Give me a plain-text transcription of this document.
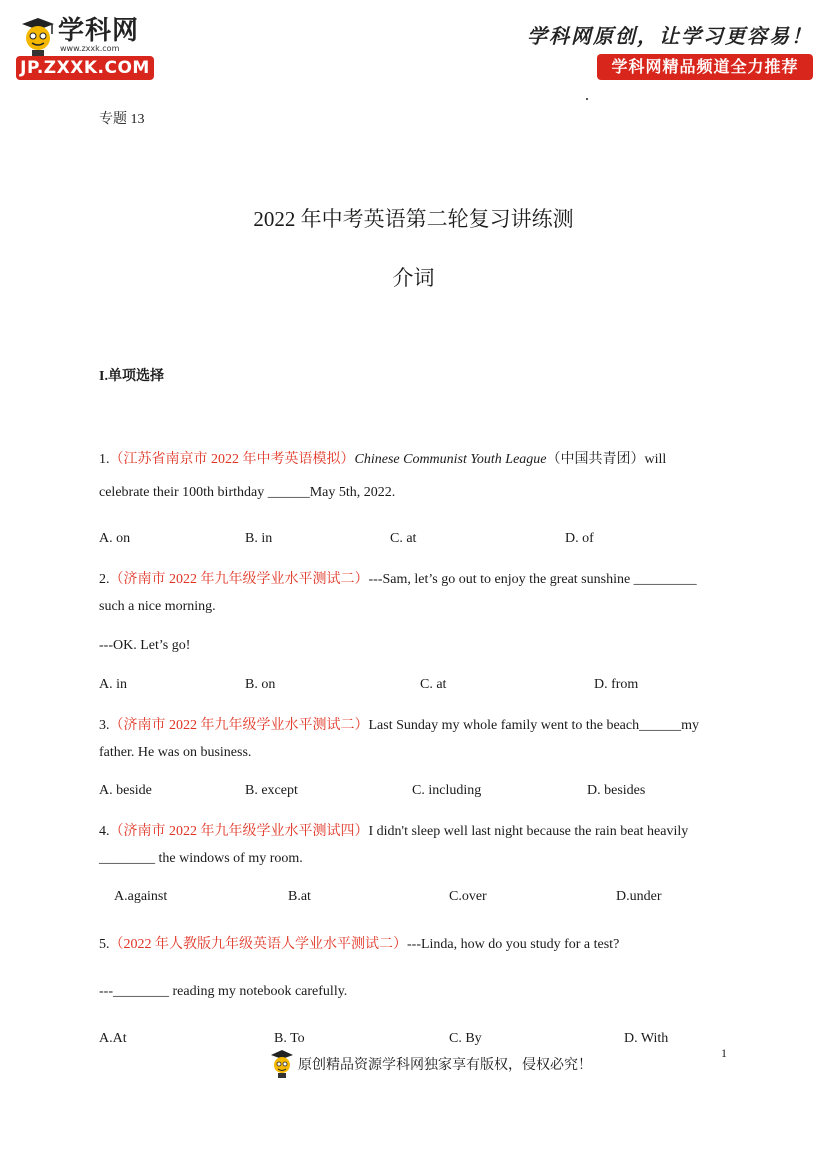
学科网
www.zxxk.com
JP.ZXXK.COM
学科网原创，让学习更容易！
学科网精品频道全力推荐
专题 13
2022 年中考英语第二轮复习讲练测
介词
I.单项选择
1.（江苏省南京市 2022 年中考英语模拟）Chinese Communist Youth League（中国共青团）will
celebrate their 100th birthday ______May 5th, 2022.
A. on	B. in	C. at	D. of
2.（济南市 2022 年九年级学业水平测试二）---Sam, let’s go out to enjoy the great sunshine _________
such a nice morning.
---OK. Let’s go!
A. in	B. on	C. at	D. from
3.（济南市 2022 年九年级学业水平测试二）Last Sunday my whole family went to the beach______my
father. He was on business.
A. beside	B. except	C. including	D. besides
4.（济南市 2022 年九年级学业水平测试四）I didn't sleep well last night because the rain beat heavily
________ the windows of my room.
A.against	B.at	C.over	D.under
5.（2022 年人教版九年级英语人学业水平测试二）---Linda, how do you study for a test?
---________ reading my notebook carefully.
A.At	B. To	C. By	D. With
原创精品资源学科网独家享有版权，侵权必究！
1
